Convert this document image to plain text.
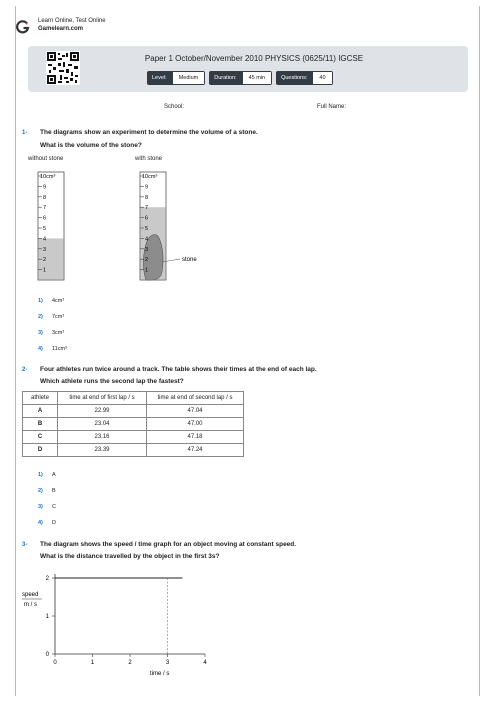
Learn Online, Test Online
Gamelearn.com
Paper 1 October/November 2010 PHYSICS (0625/11) IGCSE
Level:	Medium	Duration:	45 min	Questions:	40
School:	Full Name:
1- The diagrams show an experiment to determine the volume of a stone.
What is the volume of the stone?
without stone	with stone
9
8
7
6
5
4
3
2
1
10cm³
9
8
7
6
5
4
3
2
1
10cm³
stone
1) 4cm³
2) 7cm³
3) 3cm³
4) 11cm³
2- Four athletes run twice around a track. The table shows their times at the end of each lap.
Which athlete runs the second lap the fastest?
athlete	time at end of first lap / s	time at end of second lap / s
A	22.99	47.04
B	23.04	47.00
C	23.16	47.18
D	23.39	47.24
1) A
2) B
3) C
4) D
3- The diagram shows the speed / time graph for an object moving at constant speed.
What is the distance travelled by the object in the first 3s?
0	1	2	3	4
0
1
2
speed
m / s
time / s
